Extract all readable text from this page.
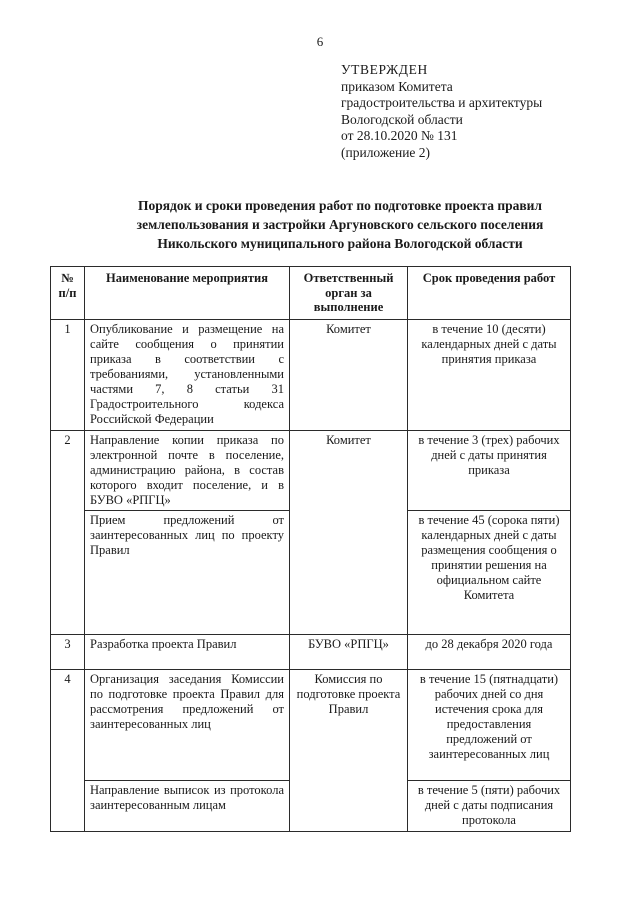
6
УТВЕРЖДЕН
приказом Комитета
градостроительства и архитектуры
Вологодской области
от 28.10.2020 № 131
(приложение 2)
Порядок и сроки проведения работ по подготовке проекта правил
землепользования и застройки Аргуновского сельского поселения
Никольского муниципального района Вологодской области
№ п/п	Наименование мероприятия	Ответственный орган за выполнение	Срок проведения работ
1	Опубликование и размещение на сайте сообщения о принятии приказа в соответствии с требованиями, установленными частями 7, 8 статьи 31 Градостроительного кодекса Российской Федерации	Комитет	в течение 10 (десяти) календарных дней с даты принятия приказа
2	Направление копии приказа по электронной почте в поселение, администрацию района, в состав которого входит поселение, и в БУВО «РПГЦ»	Комитет	в течение 3 (трех) рабочих дней с даты принятия приказа
	Прием предложений от заинтересованных лиц по проекту Правил		в течение 45 (сорока пяти) календарных дней с даты размещения сообщения о принятии решения на официальном сайте Комитета
3	Разработка проекта Правил	БУВО «РПГЦ»	до 28 декабря 2020 года
4	Организация заседания Комиссии по подготовке проекта Правил для рассмотрения предложений от заинтересованных лиц	Комиссия по подготовке проекта Правил	в течение 15 (пятнадцати) рабочих дней со дня истечения срока для предоставления предложений от заинтересованных лиц
	Направление выписок из протокола заинтересованным лицам		в течение 5 (пяти) рабочих дней с даты подписания протокола
